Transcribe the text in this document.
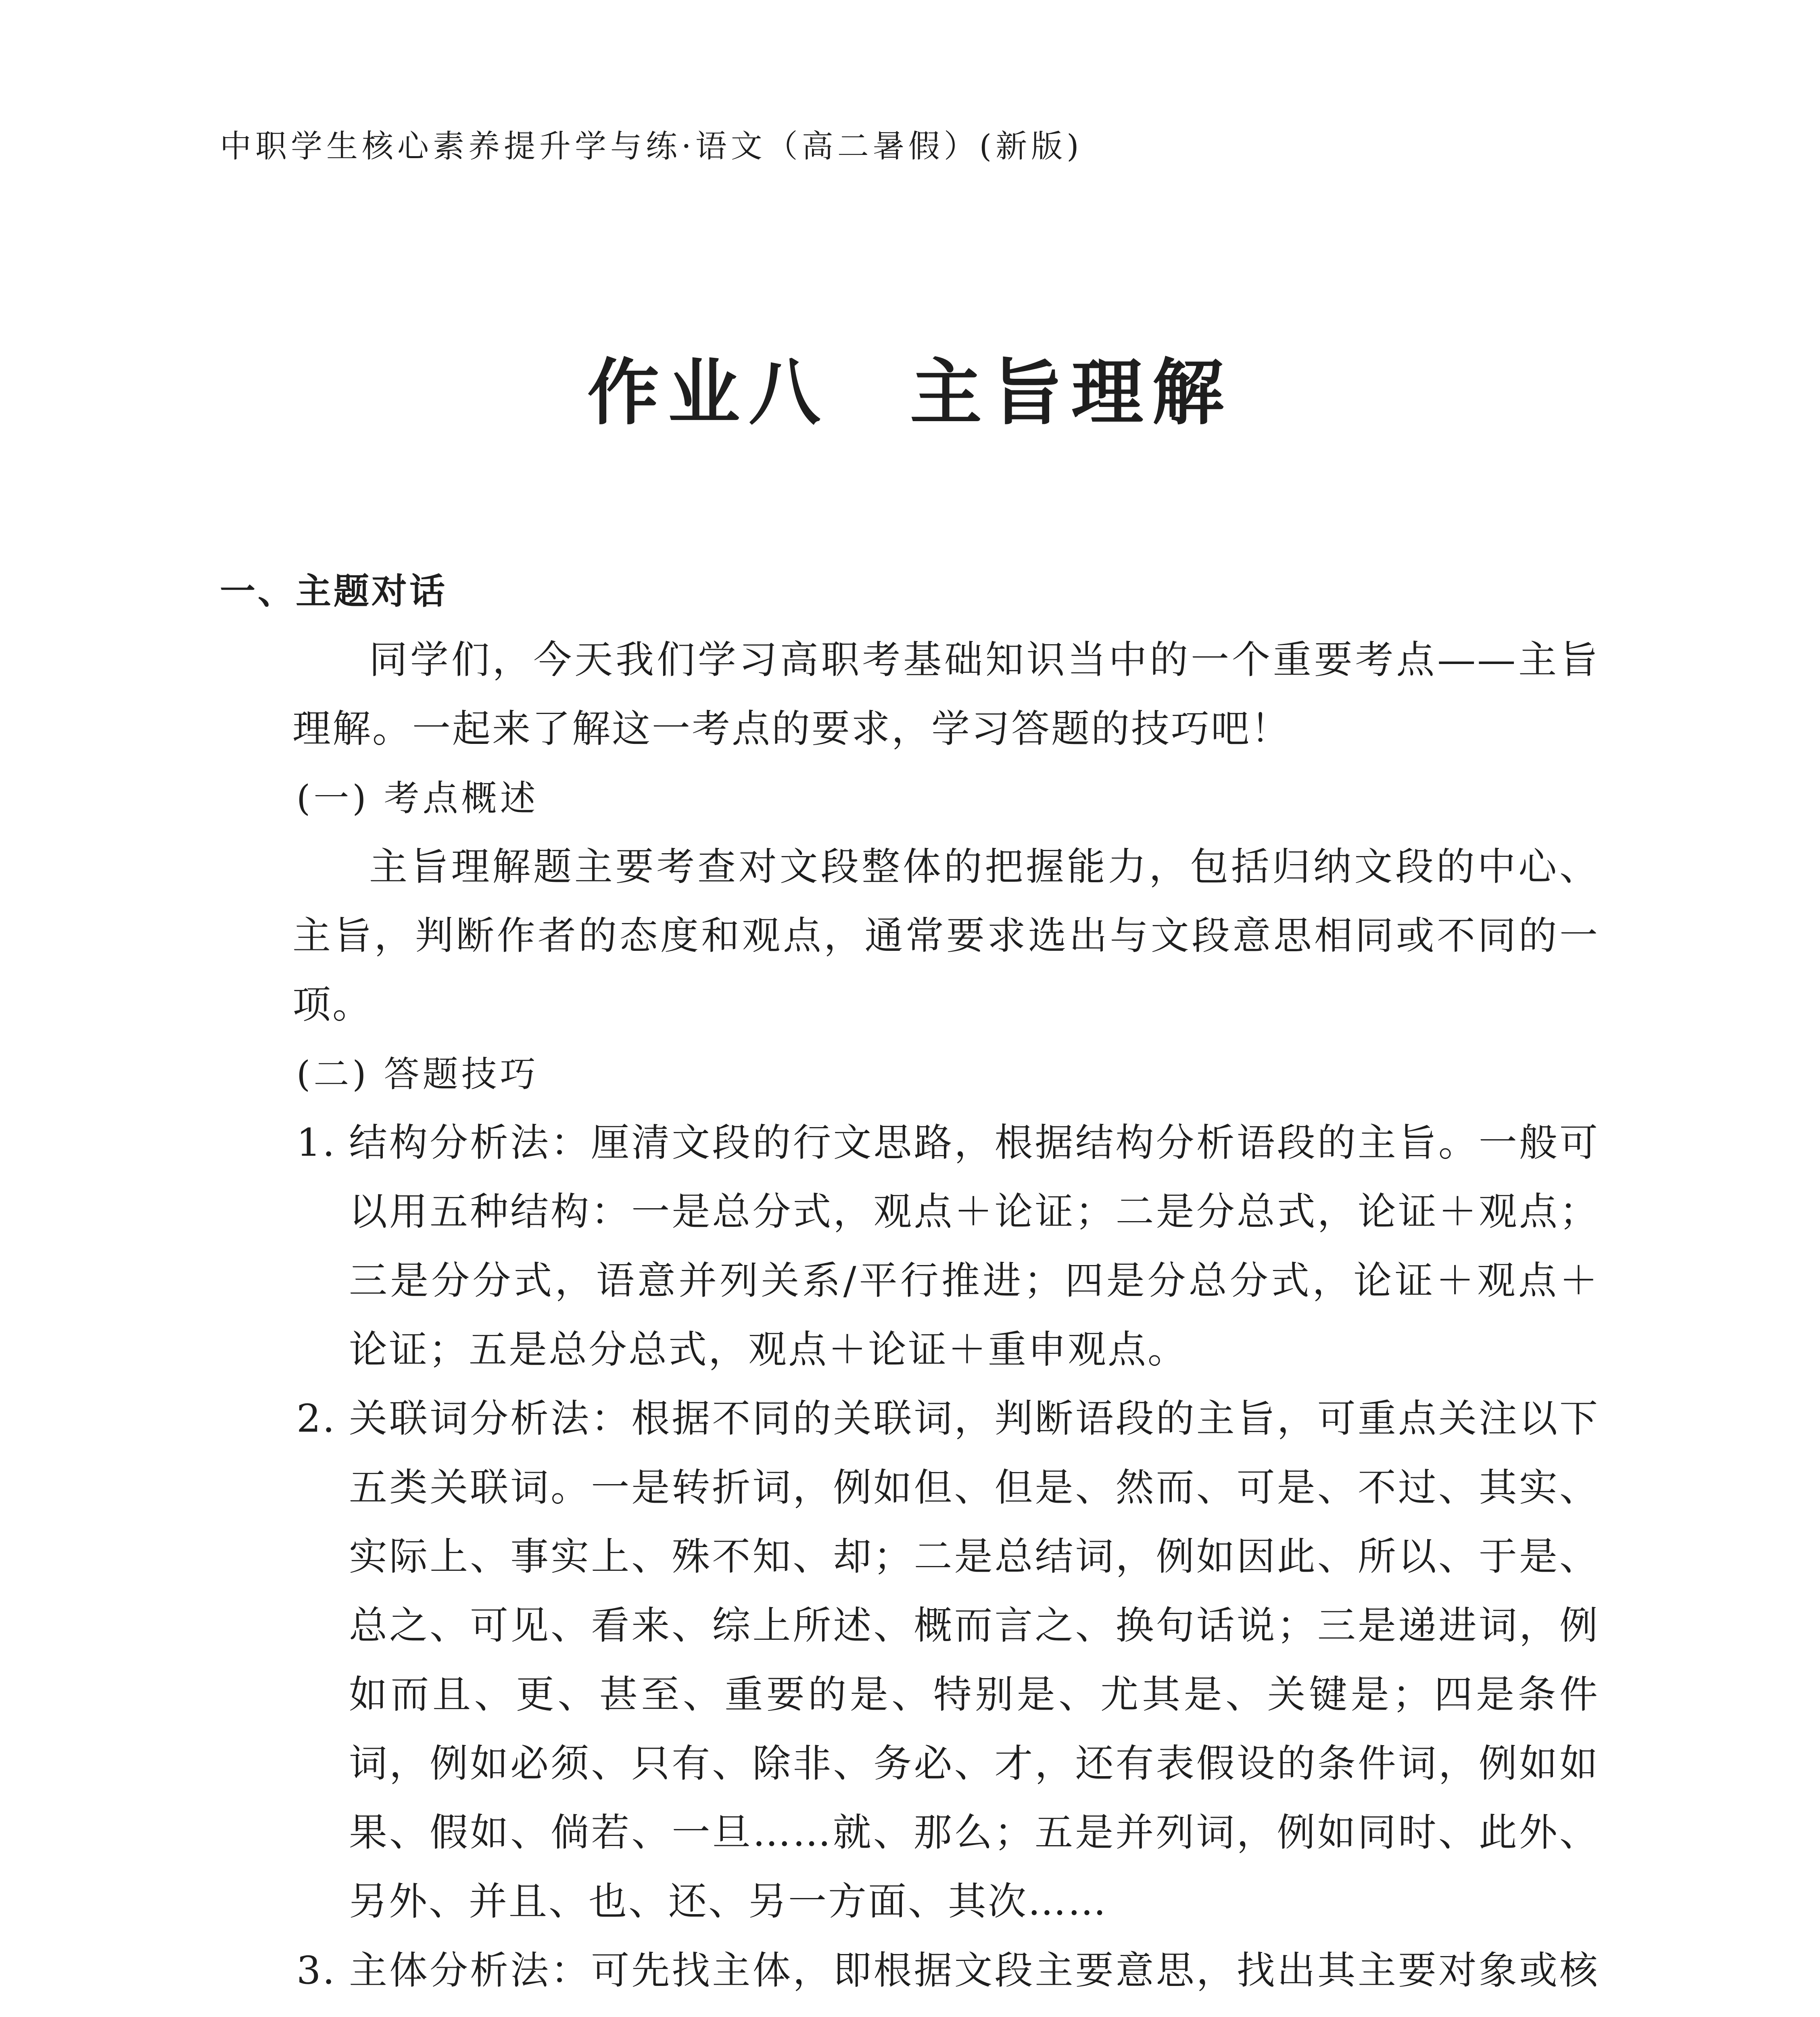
中职学生核心素养提升学与练·语文（高二暑假）(新版)
作业八　主旨理解
一、主题对话
同学们，今天我们学习高职考基础知识当中的一个重要考点——主旨理解。一起来了解这一考点的要求，学习答题的技巧吧！
(一) 考点概述
主旨理解题主要考查对文段整体的把握能力，包括归纳文段的中心、主旨，判断作者的态度和观点，通常要求选出与文段意思相同或不同的一项。
(二) 答题技巧
1. 结构分析法：厘清文段的行文思路，根据结构分析语段的主旨。一般可以用五种结构：一是总分式，观点＋论证；二是分总式，论证＋观点；三是分分式，语意并列关系/平行推进；四是分总分式，论证＋观点＋论证；五是总分总式，观点＋论证＋重申观点。
2. 关联词分析法：根据不同的关联词，判断语段的主旨，可重点关注以下五类关联词。一是转折词，例如但、但是、然而、可是、不过、其实、实际上、事实上、殊不知、却；二是总结词，例如因此、所以、于是、总之、可见、看来、综上所述、概而言之、换句话说；三是递进词，例如而且、更、甚至、重要的是、特别是、尤其是、关键是；四是条件词，例如必须、只有、除非、务必、才，还有表假设的条件词，例如如果、假如、倘若、一旦……就、那么；五是并列词，例如同时、此外、另外、并且、也、还、另一方面、其次……
3. 主体分析法：可先找主体，即根据文段主要意思，找出其主要对象或核
